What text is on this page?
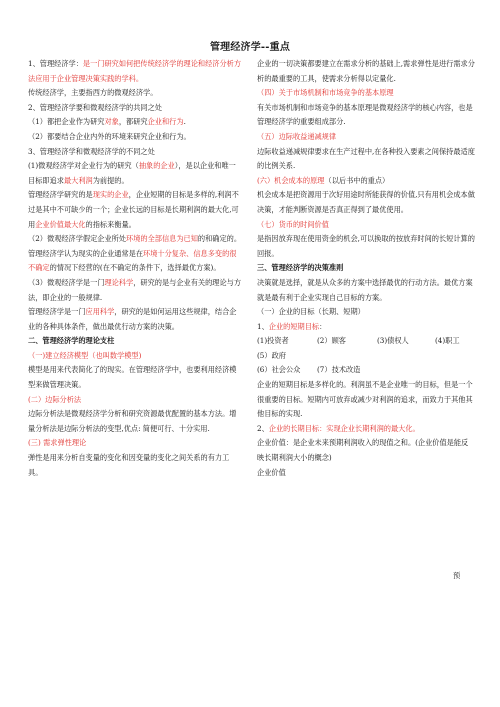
管理经济学--重点

1、管理经济学：是一门研究如何把传统经济学的理论和经济分析方法应用于企业管理决策实践的学科。

传统经济学，主要指西方的微观经济学。

2、管理经济学要和微观经济学的共同之处

（1）都把企业作为研究对象，都研究企业和行为.

（2）都要结合企业内外的环境来研究企业和行为。

3、管理经济学和微观经济学的不同之处

(1)微观经济学对企业行为的研究（抽象的企业），是以企业和唯一目标即追求最大利润为前提的。

管理经济学研究的是现实的企业，企业短期的目标是多样的,利润不过是其中不可缺少的一个；企业长远的目标是长期利润的最大化,可用企业价值最大化的指标来衡量。

（2）微观经济学假定企业所处环境的全部信息为已知的和确定的。

管理经济学认为现实的企业通常是在环境十分复杂、信息多变的很不确定的情况下经营的(在不确定的条件下，选择最优方案)。

（3）微观经济学是一门理论科学，研究的是与企业有关的理论与方法，即企业的一般规律.

管理经济学是一门应用科学，研究的是如何运用这些规律，结合企业的各种具体条件，做出最优行动方案的决策。

二、管理经济学的理论支柱

（一)建立经济模型（也叫数学模型)

模型是用来代表简化了的现实。在管理经济学中，也要利用经济模型来做管理决策。

(二）边际分析法

边际分析法是微观经济学分析和研究资源最优配置的基本方法。增量分析法是边际分析法的变型,优点: 简便可行、十分实用.

(三) 需求弹性理论

弹性是用来分析自变量的变化和因变量的变化之间关系的有力工具。

企业的一切决策都要建立在需求分析的基础上,需求弹性是进行需求分析的最重要的工具，使需求分析得以定量化.

（四）关于市场机制和市场竞争的基本原理

有关市场机制和市场竞争的基本原理是微观经济学的核心内容，也是管理经济学的重要组成部分.

（五）边际收益递减规律

边际收益递减规律要求在生产过程中,在各种投入要素之间保持最适度的比例关系.

(六）机会成本的原理（以后书中的重点）

机会成本是把资源用于次好用途时所能获得的价值,只有用机会成本做决策，才能判断资源是否真正得到了最优使用。

（七）货币的时间价值

是指因放弃现在使用资金的机会,可以换取的按放弃时间的长短计算的回报。

三、管理经济学的决策准则

决策就是选择，就是从众多的方案中选择最优的行动方法。最优方案就是最有利于企业实现自己目标的方案。

（一）企业的目标（长期、短期）

1、企业的短期目标：

(1)投资者	(2）顾客	(3)债权人	(4)职工

(5）政府

(6）社会公众	(7）技术改造

企业的短期目标是多样化的。利润虽不是企业唯一的目标，但是一个很重要的目标。短期内可放弃或减少对利润的追求，而致力于其他其他目标的实现.

2、企业的长期目标：实现企业长期利润的最大化。

企业价值：是企业未来预期利润收入的现值之和。(企业价值是能反映长期利润大小的概念)

企业价值

预
